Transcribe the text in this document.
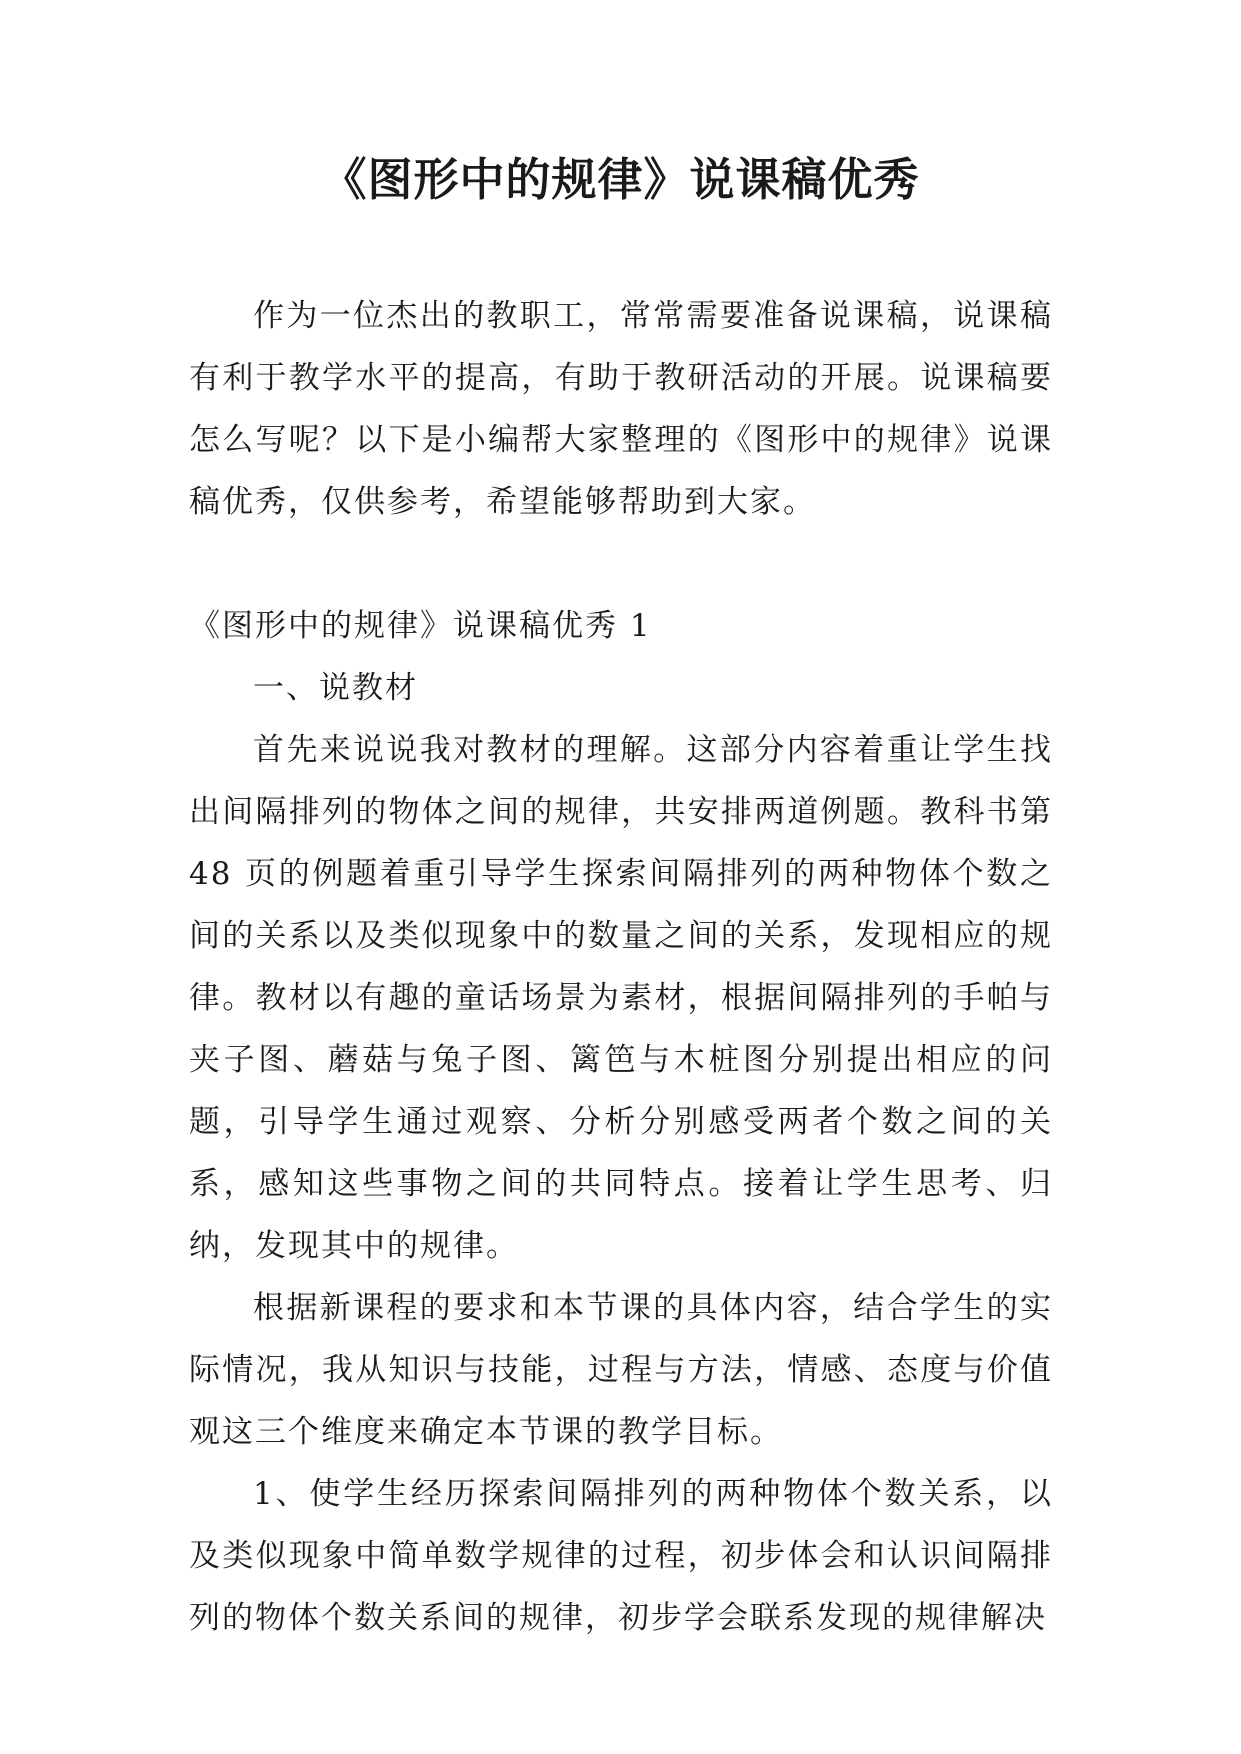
《图形中的规律》说课稿优秀

作为一位杰出的教职工，常常需要准备说课稿，说课稿有利于教学水平的提高，有助于教研活动的开展。说课稿要怎么写呢？以下是小编帮大家整理的《图形中的规律》说课稿优秀，仅供参考，希望能够帮助到大家。

《图形中的规律》说课稿优秀 1

一、说教材

首先来说说我对教材的理解。这部分内容着重让学生找出间隔排列的物体之间的规律，共安排两道例题。教科书第 48 页的例题着重引导学生探索间隔排列的两种物体个数之间的关系以及类似现象中的数量之间的关系，发现相应的规律。教材以有趣的童话场景为素材，根据间隔排列的手帕与夹子图、蘑菇与兔子图、篱笆与木桩图分别提出相应的问题，引导学生通过观察、分析分别感受两者个数之间的关系，感知这些事物之间的共同特点。接着让学生思考、归纳，发现其中的规律。

根据新课程的要求和本节课的具体内容，结合学生的实际情况，我从知识与技能，过程与方法，情感、态度与价值观这三个维度来确定本节课的教学目标。

1、使学生经历探索间隔排列的两种物体个数关系，以及类似现象中简单数学规律的过程，初步体会和认识间隔排列的物体个数关系间的规律，初步学会联系发现的规律解决
